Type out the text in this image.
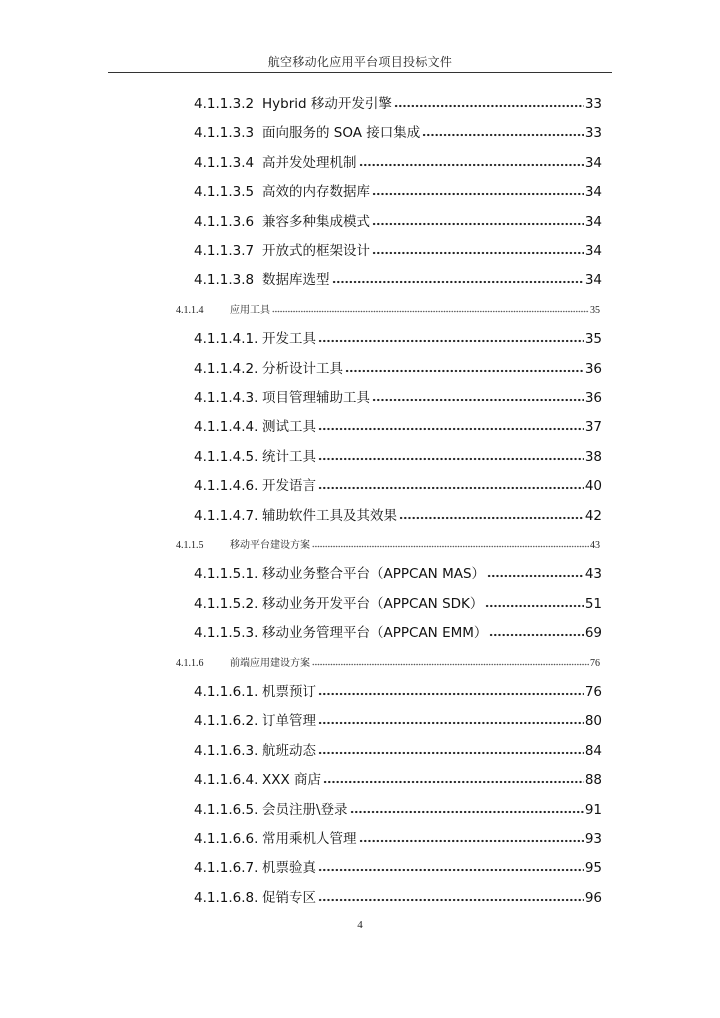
航空移动化应用平台项目投标文件
4.1.1.3.2 Hybrid 移动开发引擎	33
4.1.1.3.3 面向服务的 SOA 接口集成	33
4.1.1.3.4 高并发处理机制	34
4.1.1.3.5 高效的内存数据库	34
4.1.1.3.6 兼容多种集成模式	34
4.1.1.3.7 开放式的框架设计	34
4.1.1.3.8 数据库选型	34
4.1.1.4	应用工具	35
4.1.1.4.1. 开发工具	35
4.1.1.4.2. 分析设计工具	36
4.1.1.4.3. 项目管理辅助工具	36
4.1.1.4.4. 测试工具	37
4.1.1.4.5. 统计工具	38
4.1.1.4.6. 开发语言	40
4.1.1.4.7. 辅助软件工具及其效果	42
4.1.1.5	移动平台建设方案	43
4.1.1.5.1. 移动业务整合平台（APPCAN MAS）	43
4.1.1.5.2. 移动业务开发平台（APPCAN SDK）	51
4.1.1.5.3. 移动业务管理平台（APPCAN EMM）	69
4.1.1.6	前端应用建设方案	76
4.1.1.6.1. 机票预订	76
4.1.1.6.2. 订单管理	80
4.1.1.6.3. 航班动态	84
4.1.1.6.4. XXX 商店	88
4.1.1.6.5. 会员注册\登录	91
4.1.1.6.6. 常用乘机人管理	93
4.1.1.6.7. 机票验真	95
4.1.1.6.8. 促销专区	96
4
